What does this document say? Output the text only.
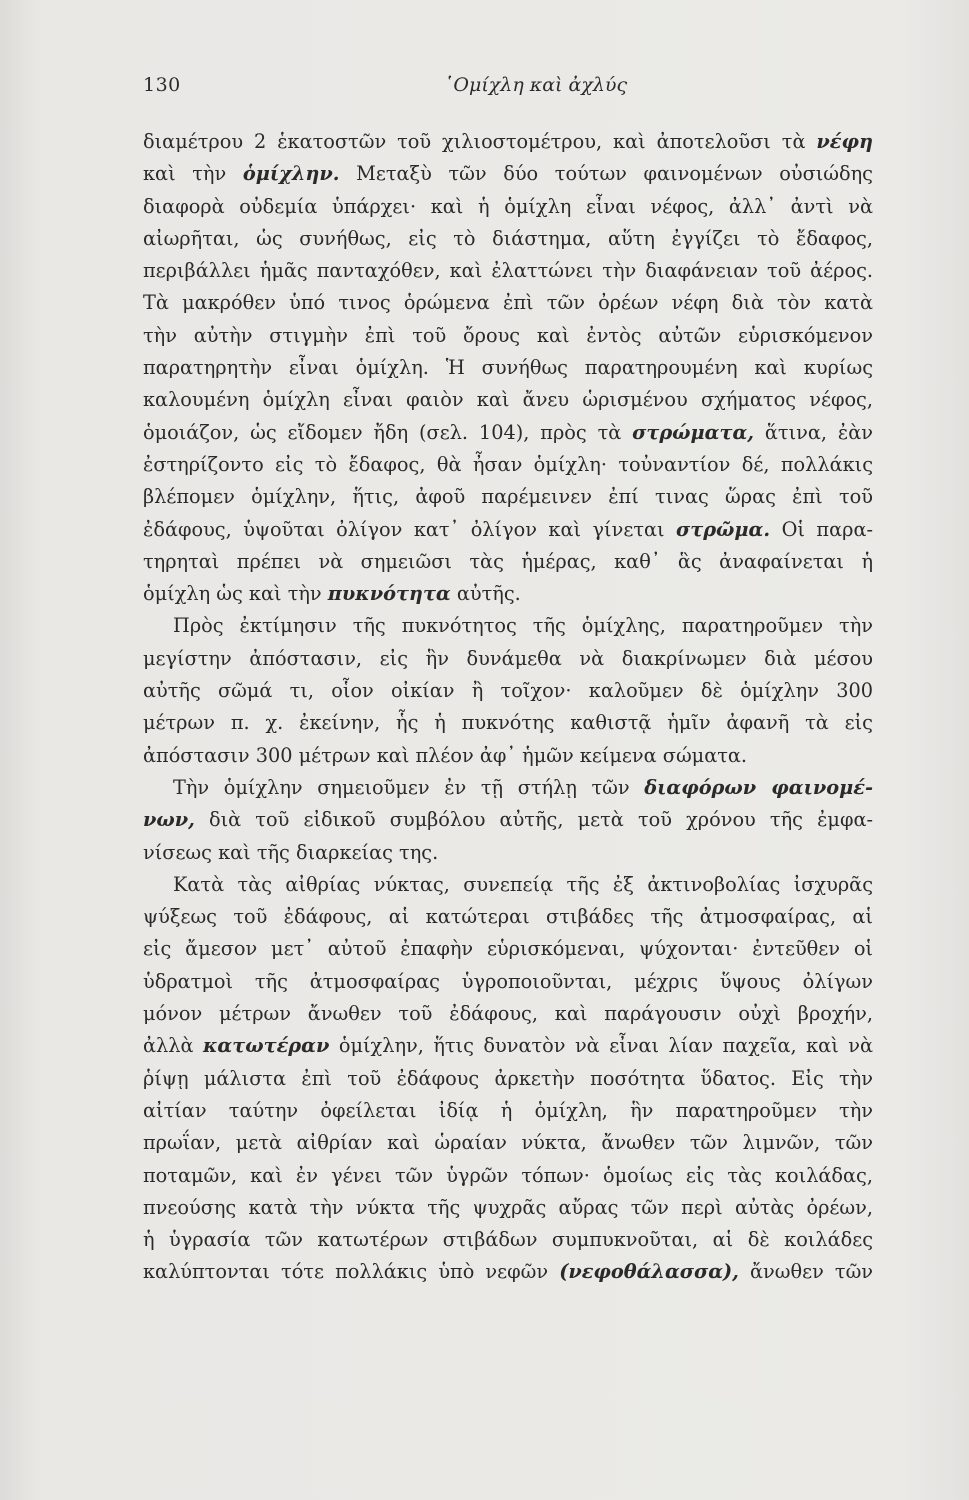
130	῾Ομίχλη καὶ ἀχλύς
διαμέτρου 2 ἑκατοστῶν τοῦ χιλιοστομέτρου, καὶ ἀποτελοῦσι τὰ νέφη
καὶ τὴν ὁμίχλην. Μεταξὺ τῶν δύο τούτων φαινομένων οὐσιώδης
διαφορὰ οὐδεμία ὑπάρχει· καὶ ἡ ὁμίχλη εἶναι νέφος, ἀλλ᾽ ἀντὶ νὰ
αἰωρῆται, ὡς συνήθως, εἰς τὸ διάστημα, αὕτη ἐγγίζει τὸ ἔδαφος,
περιβάλλει ἡμᾶς πανταχόθεν, καὶ ἐλαττώνει τὴν διαφάνειαν τοῦ ἀέρος.
Τὰ μακρόθεν ὑπό τινος ὁρώμενα ἐπὶ τῶν ὀρέων νέφη διὰ τὸν κατὰ
τὴν αὐτὴν στιγμὴν ἐπὶ τοῦ ὄρους καὶ ἐντὸς αὐτῶν εὑρισκόμενον
παρατηρητὴν εἶναι ὁμίχλη. Ἡ συνήθως παρατηρουμένη καὶ κυρίως
καλουμένη ὁμίχλη εἶναι φαιὸν καὶ ἄνευ ὡρισμένου σχήματος νέφος,
ὁμοιάζον, ὡς εἴδομεν ἤδη (σελ. 104), πρὸς τὰ στρώματα, ἅτινα, ἐὰν
ἐστηρίζοντο εἰς τὸ ἔδαφος, θὰ ἦσαν ὁμίχλη· τοὐναντίον δέ, πολλάκις
βλέπομεν ὁμίχλην, ἥτις, ἀφοῦ παρέμεινεν ἐπί τινας ὥρας ἐπὶ τοῦ
ἐδάφους, ὑψοῦται ὀλίγον κατ᾽ ὀλίγον καὶ γίνεται στρῶμα. Οἱ παρα-
τηρηταὶ πρέπει νὰ σημειῶσι τὰς ἡμέρας, καθ᾽ ἃς ἀναφαίνεται ἡ
ὁμίχλη ὡς καὶ τὴν πυκνότητα αὐτῆς.
Πρὸς ἐκτίμησιν τῆς πυκνότητος τῆς ὁμίχλης, παρατηροῦμεν τὴν
μεγίστην ἀπόστασιν, εἰς ἣν δυνάμεθα νὰ διακρίνωμεν διὰ μέσου
αὐτῆς σῶμά τι, οἷον οἰκίαν ἢ τοῖχον· καλοῦμεν δὲ ὁμίχλην 300
μέτρων π. χ. ἐκείνην, ἧς ἡ πυκνότης καθιστᾷ ἡμῖν ἀφανῆ τὰ εἰς
ἀπόστασιν 300 μέτρων καὶ πλέον ἀφ᾽ ἡμῶν κείμενα σώματα.
Τὴν ὁμίχλην σημειοῦμεν ἐν τῇ στήλῃ τῶν διαφόρων φαινομέ-
νων, διὰ τοῦ εἰδικοῦ συμβόλου αὐτῆς, μετὰ τοῦ χρόνου τῆς ἐμφα-
νίσεως καὶ τῆς διαρκείας της.
Κατὰ τὰς αἰθρίας νύκτας, συνεπείᾳ τῆς ἐξ ἀκτινοβολίας ἰσχυρᾶς
ψύξεως τοῦ ἐδάφους, αἱ κατώτεραι στιβάδες τῆς ἀτμοσφαίρας, αἱ
εἰς ἄμεσον μετ᾽ αὐτοῦ ἐπαφὴν εὑρισκόμεναι, ψύχονται· ἐντεῦθεν οἱ
ὑδρατμοὶ τῆς ἀτμοσφαίρας ὑγροποιοῦνται, μέχρις ὕψους ὀλίγων
μόνον μέτρων ἄνωθεν τοῦ ἐδάφους, καὶ παράγουσιν οὐχὶ βροχήν,
ἀλλὰ κατωτέραν ὁμίχλην, ἥτις δυνατὸν νὰ εἶναι λίαν παχεῖα, καὶ νὰ
ῥίψῃ μάλιστα ἐπὶ τοῦ ἐδάφους ἀρκετὴν ποσότητα ὕδατος. Εἰς τὴν
αἰτίαν ταύτην ὀφείλεται ἰδίᾳ ἡ ὁμίχλη, ἣν παρατηροῦμεν τὴν
πρωΐαν, μετὰ αἰθρίαν καὶ ὡραίαν νύκτα, ἄνωθεν τῶν λιμνῶν, τῶν
ποταμῶν, καὶ ἐν γένει τῶν ὑγρῶν τόπων· ὁμοίως εἰς τὰς κοιλάδας,
πνεούσης κατὰ τὴν νύκτα τῆς ψυχρᾶς αὔρας τῶν περὶ αὐτὰς ὀρέων,
ἡ ὑγρασία τῶν κατωτέρων στιβάδων συμπυκνοῦται, αἱ δὲ κοιλάδες
καλύπτονται τότε πολλάκις ὑπὸ νεφῶν (νεφοθάλασσα), ἄνωθεν τῶν
